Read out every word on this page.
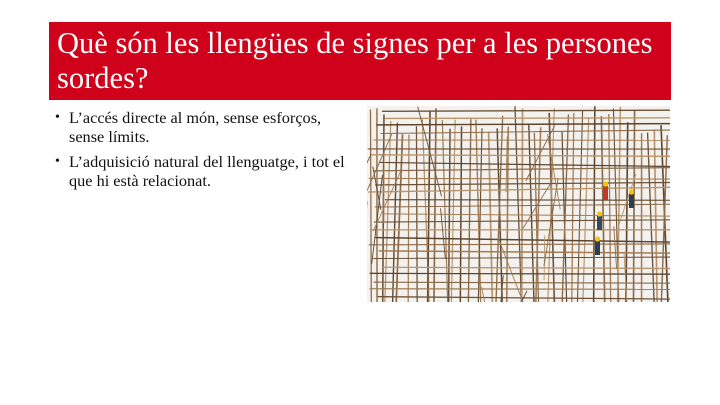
Què són les llengües de signes per a les persones sordes?
• L’accés directe al món, sense esforços, sense límits.
• L’adquisició natural del llenguatge, i tot el que hi està relacionat.
